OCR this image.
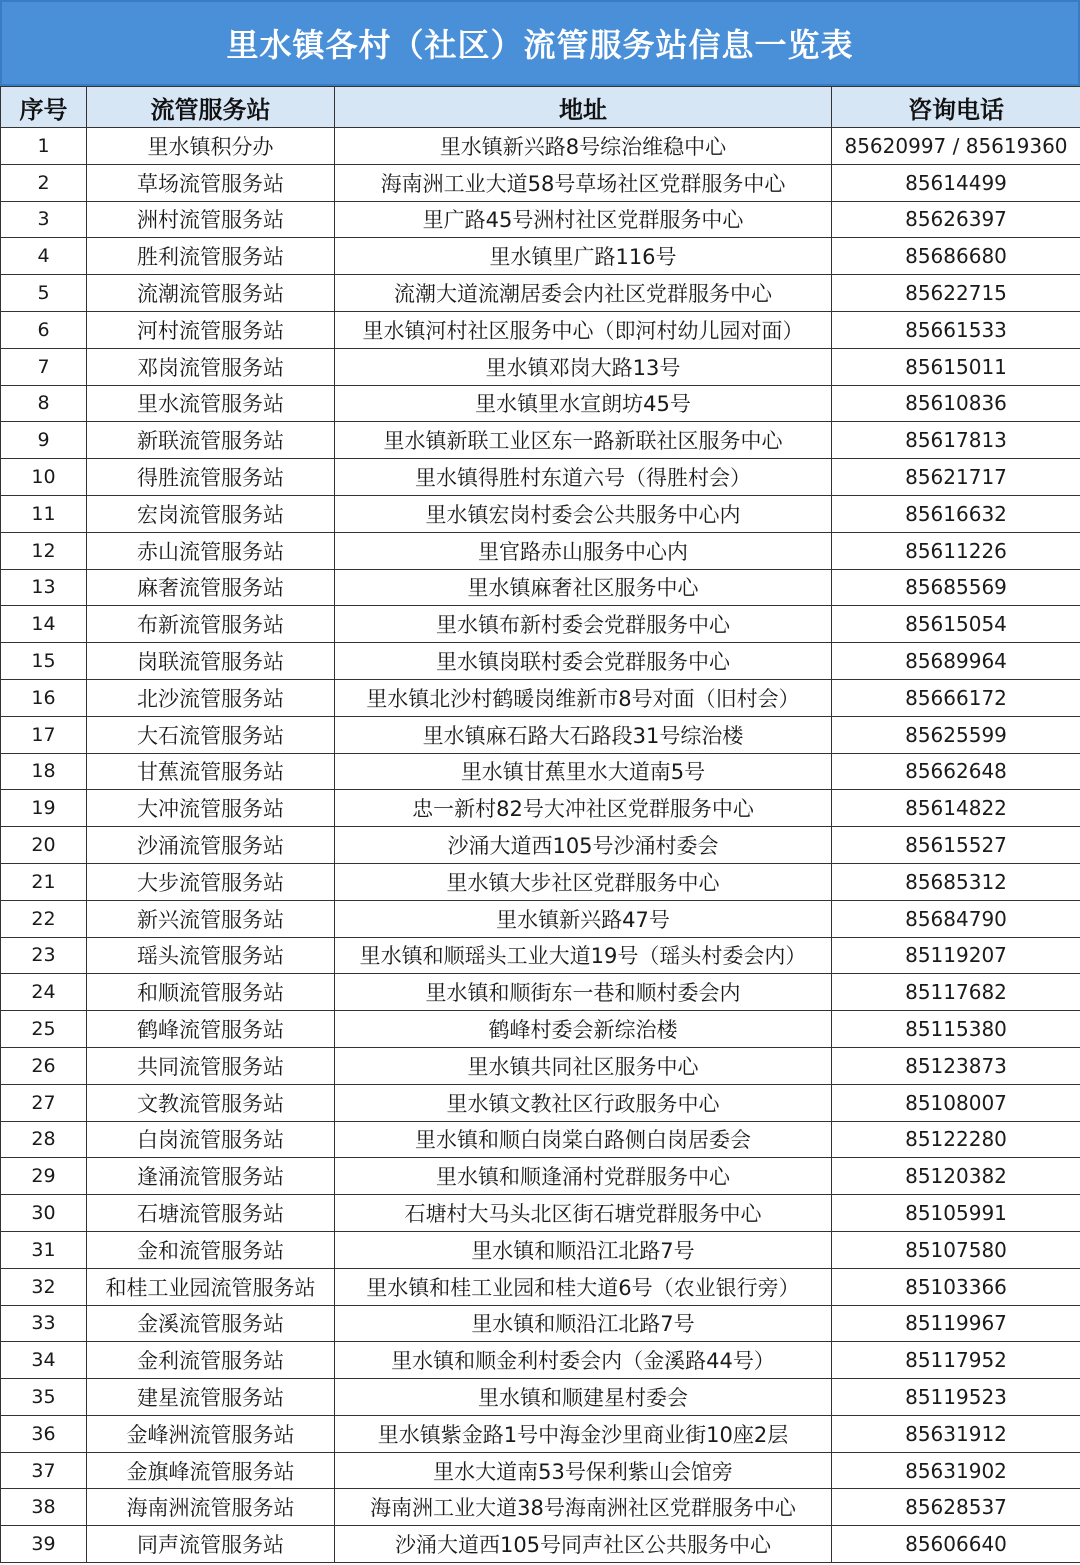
里水镇各村（社区）流管服务站信息一览表
序号	流管服务站	地址	咨询电话
1	里水镇积分办	里水镇新兴路8号综治维稳中心	85620997 / 85619360
2	草场流管服务站	海南洲工业大道58号草场社区党群服务中心	85614499
3	洲村流管服务站	里广路45号洲村社区党群服务中心	85626397
4	胜利流管服务站	里水镇里广路116号	85686680
5	流潮流管服务站	流潮大道流潮居委会内社区党群服务中心	85622715
6	河村流管服务站	里水镇河村社区服务中心（即河村幼儿园对面）	85661533
7	邓岗流管服务站	里水镇邓岗大路13号	85615011
8	里水流管服务站	里水镇里水宣朗坊45号	85610836
9	新联流管服务站	里水镇新联工业区东一路新联社区服务中心	85617813
10	得胜流管服务站	里水镇得胜村东道六号（得胜村会）	85621717
11	宏岗流管服务站	里水镇宏岗村委会公共服务中心内	85616632
12	赤山流管服务站	里官路赤山服务中心内	85611226
13	麻奢流管服务站	里水镇麻奢社区服务中心	85685569
14	布新流管服务站	里水镇布新村委会党群服务中心	85615054
15	岗联流管服务站	里水镇岗联村委会党群服务中心	85689964
16	北沙流管服务站	里水镇北沙村鹤暖岗维新市8号对面（旧村会）	85666172
17	大石流管服务站	里水镇麻石路大石路段31号综治楼	85625599
18	甘蕉流管服务站	里水镇甘蕉里水大道南5号	85662648
19	大冲流管服务站	忠一新村82号大冲社区党群服务中心	85614822
20	沙涌流管服务站	沙涌大道西105号沙涌村委会	85615527
21	大步流管服务站	里水镇大步社区党群服务中心	85685312
22	新兴流管服务站	里水镇新兴路47号	85684790
23	瑶头流管服务站	里水镇和顺瑶头工业大道19号（瑶头村委会内）	85119207
24	和顺流管服务站	里水镇和顺街东一巷和顺村委会内	85117682
25	鹤峰流管服务站	鹤峰村委会新综治楼	85115380
26	共同流管服务站	里水镇共同社区服务中心	85123873
27	文教流管服务站	里水镇文教社区行政服务中心	85108007
28	白岗流管服务站	里水镇和顺白岗棠白路侧白岗居委会	85122280
29	逢涌流管服务站	里水镇和顺逢涌村党群服务中心	85120382
30	石塘流管服务站	石塘村大马头北区街石塘党群服务中心	85105991
31	金和流管服务站	里水镇和顺沿江北路7号	85107580
32	和桂工业园流管服务站	里水镇和桂工业园和桂大道6号（农业银行旁）	85103366
33	金溪流管服务站	里水镇和顺沿江北路7号	85119967
34	金利流管服务站	里水镇和顺金利村委会内（金溪路44号）	85117952
35	建星流管服务站	里水镇和顺建星村委会	85119523
36	金峰洲流管服务站	里水镇紫金路1号中海金沙里商业街10座2层	85631912
37	金旗峰流管服务站	里水大道南53号保利紫山会馆旁	85631902
38	海南洲流管服务站	海南洲工业大道38号海南洲社区党群服务中心	85628537
39	同声流管服务站	沙涌大道西105号同声社区公共服务中心	85606640
